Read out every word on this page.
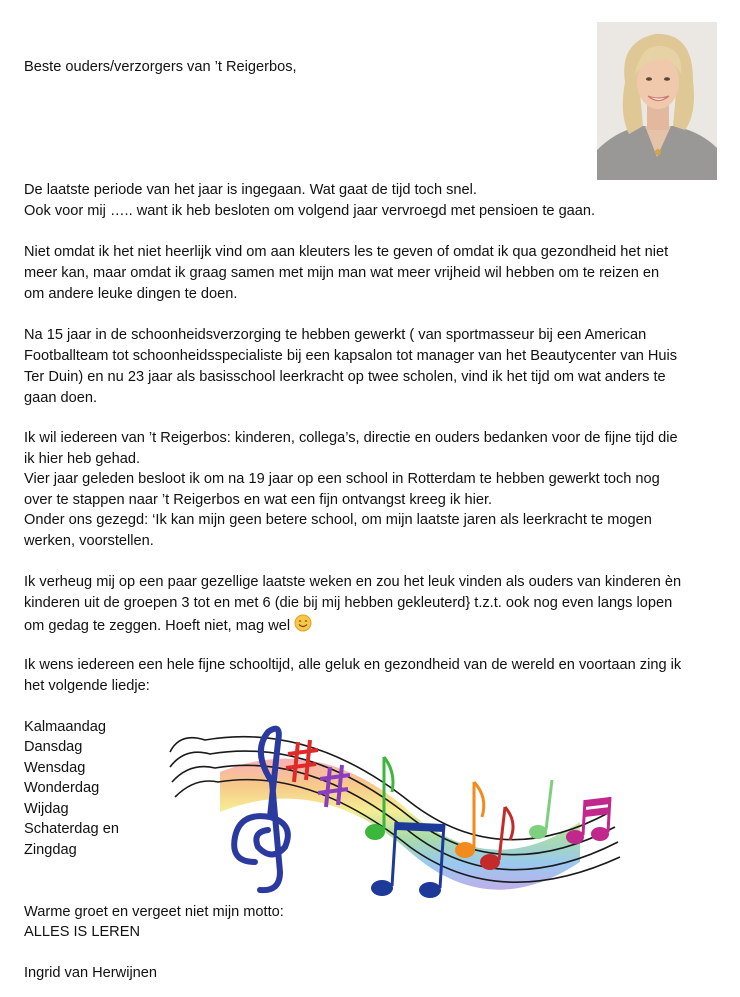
Beste ouders/verzorgers van ’t Reigerbos,
De laatste periode van het jaar is ingegaan. Wat gaat de tijd toch snel.
Ook voor mij ….. want ik heb besloten om volgend jaar vervroegd met pensioen te gaan.
Niet omdat ik het niet heerlijk vind om aan kleuters les te geven of omdat ik qua gezondheid het niet
meer kan, maar omdat ik graag samen met mijn man wat meer vrijheid wil hebben om te reizen en
om andere leuke dingen te doen.
Na 15 jaar in de schoonheidsverzorging te hebben gewerkt ( van sportmasseur bij een American
Footballteam tot schoonheidsspecialiste bij een kapsalon tot manager van het Beautycenter van Huis
Ter Duin) en nu 23 jaar als basisschool leerkracht op twee scholen, vind ik het tijd om wat anders te
gaan doen.
Ik wil iedereen van ’t Reigerbos: kinderen, collega’s, directie en ouders bedanken voor de fijne tijd die
ik hier heb gehad.
Vier jaar geleden besloot ik om na 19 jaar op een school in Rotterdam te hebben gewerkt toch nog
over te stappen naar ’t Reigerbos en wat een fijn ontvangst kreeg ik hier.
Onder ons gezegd: ‘Ik kan mijn geen betere school, om mijn laatste jaren als leerkracht te mogen
werken, voorstellen.
Ik verheug mij op een paar gezellige laatste weken en zou het leuk vinden als ouders van kinderen èn
kinderen uit de groepen 3 tot en met 6 (die bij mij hebben gekleuterd} t.z.t. ook nog even langs lopen
om gedag te zeggen. Hoeft niet, mag wel
Ik wens iedereen een hele fijne schooltijd, alle geluk en gezondheid van de wereld en voortaan zing ik
het volgende liedje:
Kalmaandag
Dansdag
Wensdag
Wonderdag
Wijdag
Schaterdag en
Zingdag
Warme groet en vergeet niet mijn motto:
ALLES IS LEREN
Ingrid van Herwijnen
